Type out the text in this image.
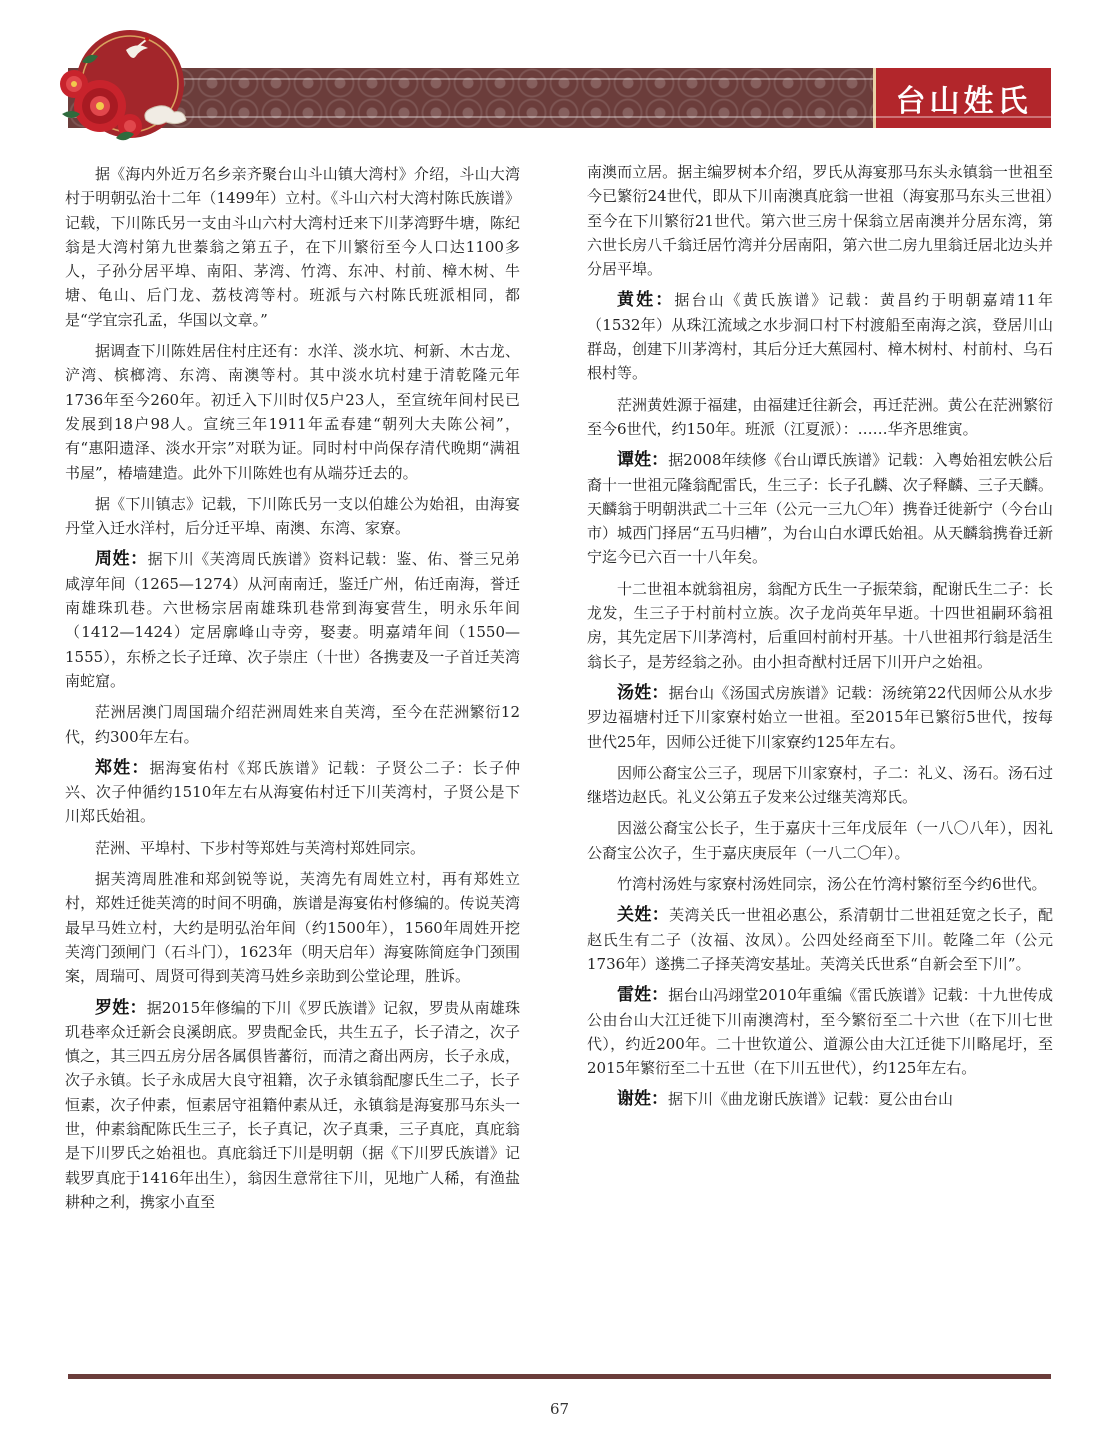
台山姓氏

据《海内外近万名乡亲齐聚台山斗山镇大湾村》介绍，斗山大湾村于明朝弘治十二年（1499年）立村。《斗山六村大湾村陈氏族谱》记载，下川陈氏另一支由斗山六村大湾村迁来下川茅湾野牛塘，陈纪翁是大湾村第九世蓁翁之第五子，在下川繁衍至今人口达1100多人，子孙分居平埠、南阳、茅湾、竹湾、东冲、村前、樟木树、牛塘、龟山、后门龙、荔枝湾等村。班派与六村陈氏班派相同，都是“学宜宗孔孟，华国以文章。”

据调查下川陈姓居住村庄还有：水洋、淡水坑、柯新、木古龙、浐湾、槟榔湾、东湾、南澳等村。其中淡水坑村建于清乾隆元年1736年至今260年。初迁入下川时仅5户23人，至宣统年间村民已发展到18户98人。宣统三年1911年孟春建“朝列大夫陈公祠”，有“惠阳遗泽、淡水开宗”对联为证。同时村中尚保存清代晚期“满祖书屋”，椿墙建造。此外下川陈姓也有从端芬迁去的。

据《下川镇志》记载，下川陈氏另一支以伯雄公为始祖，由海宴丹堂入迁水洋村，后分迁平埠、南澳、东湾、家寮。

周姓：据下川《芙湾周氏族谱》资料记载：鉴、佑、誉三兄弟咸淳年间（1265—1274）从河南南迁，鉴迁广州，佑迁南海，誉迁南雄珠玑巷。六世杨宗居南雄珠玑巷常到海宴营生，明永乐年间（1412—1424）定居廓峰山寺旁，娶妻。明嘉靖年间（1550—1555），东桥之长子迁璋、次子崇庄（十世）各携妻及一子首迁芙湾南蛇窟。

茫洲居澳门周国瑞介绍茫洲周姓来自芙湾，至今在茫洲繁衍12代，约300年左右。

郑姓：据海宴佑村《郑氏族谱》记载：子贤公二子：长子仲兴、次子仲循约1510年左右从海宴佑村迁下川芙湾村，子贤公是下川郑氏始祖。

茫洲、平埠村、下步村等郑姓与芙湾村郑姓同宗。

据芙湾周胜准和郑剑锐等说，芙湾先有周姓立村，再有郑姓立村，郑姓迁徙芙湾的时间不明确，族谱是海宴佑村修编的。传说芙湾最早马姓立村，大约是明弘治年间（约1500年），1560年周姓开挖芙湾门颈闸门（石斗门），1623年（明天启年）海宴陈简庭争门颈围案，周瑞可、周贤可得到芙湾马姓乡亲助到公堂论理，胜诉。

罗姓：据2015年修编的下川《罗氏族谱》记叙，罗贵从南雄珠玑巷率众迁新会良溪朗底。罗贵配金氏，共生五子，长子清之，次子慎之，其三四五房分居各属俱皆蕃衍，而清之裔出两房，长子永成，次子永镇。长子永成居大良守祖籍，次子永镇翁配廖氏生二子，长子恒素，次子仲素，恒素居守祖籍仲素从迁，永镇翁是海宴那马东头一世，仲素翁配陈氏生三子，长子真记，次子真秉，三子真庇，真庇翁是下川罗氏之始祖也。真庇翁迁下川是明朝（据《下川罗氏族谱》记载罗真庇于1416年出生），翁因生意常往下川，见地广人稀，有渔盐耕种之利，携家小直至

南澳而立居。据主编罗树本介绍，罗氏从海宴那马东头永镇翁一世祖至今已繁衍24世代，即从下川南澳真庇翁一世祖（海宴那马东头三世祖）至今在下川繁衍21世代。第六世三房十保翁立居南澳并分居东湾，第六世长房八千翁迁居竹湾并分居南阳，第六世二房九里翁迁居北边头并分居平埠。

黄姓：据台山《黄氏族谱》记载：黄昌约于明朝嘉靖11年（1532年）从珠江流域之水步洞口村下村渡船至南海之滨，登居川山群岛，创建下川茅湾村，其后分迁大蕉园村、樟木树村、村前村、乌石根村等。

茫洲黄姓源于福建，由福建迁往新会，再迁茫洲。黄公在茫洲繁衍至今6世代，约150年。班派（江夏派）：……华齐思维寅。

谭姓：据2008年续修《台山谭氏族谱》记载：入粤始祖宏帙公后裔十一世祖元隆翁配雷氏，生三子：长子孔麟、次子释麟、三子天麟。天麟翁于明朝洪武二十三年（公元一三九〇年）携眷迁徙新宁（今台山市）城西门择居“五马归槽”，为台山白水谭氏始祖。从天麟翁携眷迁新宁迄今已六百一十八年矣。

十二世祖本就翁祖房，翁配方氏生一子振荣翁，配谢氏生二子：长龙发，生三子于村前村立族。次子龙尚英年早逝。十四世祖嗣环翁祖房，其先定居下川茅湾村，后重回村前村开基。十八世祖邦行翁是活生翁长子，是芳经翁之孙。由小担奇猷村迁居下川开户之始祖。

汤姓：据台山《汤国式房族谱》记载：汤统第22代因师公从水步罗边福塘村迁下川家寮村始立一世祖。至2015年已繁衍5世代，按每世代25年，因师公迁徙下川家寮约125年左右。

因师公裔宝公三子，现居下川家寮村，子二：礼义、汤石。汤石过继塔边赵氏。礼义公第五子发来公过继芙湾郑氏。

因滋公裔宝公长子，生于嘉庆十三年戊辰年（一八〇八年），因礼公裔宝公次子，生于嘉庆庚辰年（一八二〇年）。

竹湾村汤姓与家寮村汤姓同宗，汤公在竹湾村繁衍至今约6世代。

关姓：芙湾关氏一世祖必惠公，系清朝廿二世祖廷宽之长子，配赵氏生有二子（汝福、汝凤）。公四处经商至下川。乾隆二年（公元1736年）遂携二子择芙湾安基址。芙湾关氏世系“自新会至下川”。

雷姓：据台山冯翊堂2010年重编《雷氏族谱》记载：十九世传成公由台山大江迁徙下川南澳湾村，至今繁衍至二十六世（在下川七世代），约近200年。二十世钦道公、道源公由大江迁徙下川略尾圩，至2015年繁衍至二十五世（在下川五世代），约125年左右。

谢姓：据下川《曲龙谢氏族谱》记载：夏公由台山

67
